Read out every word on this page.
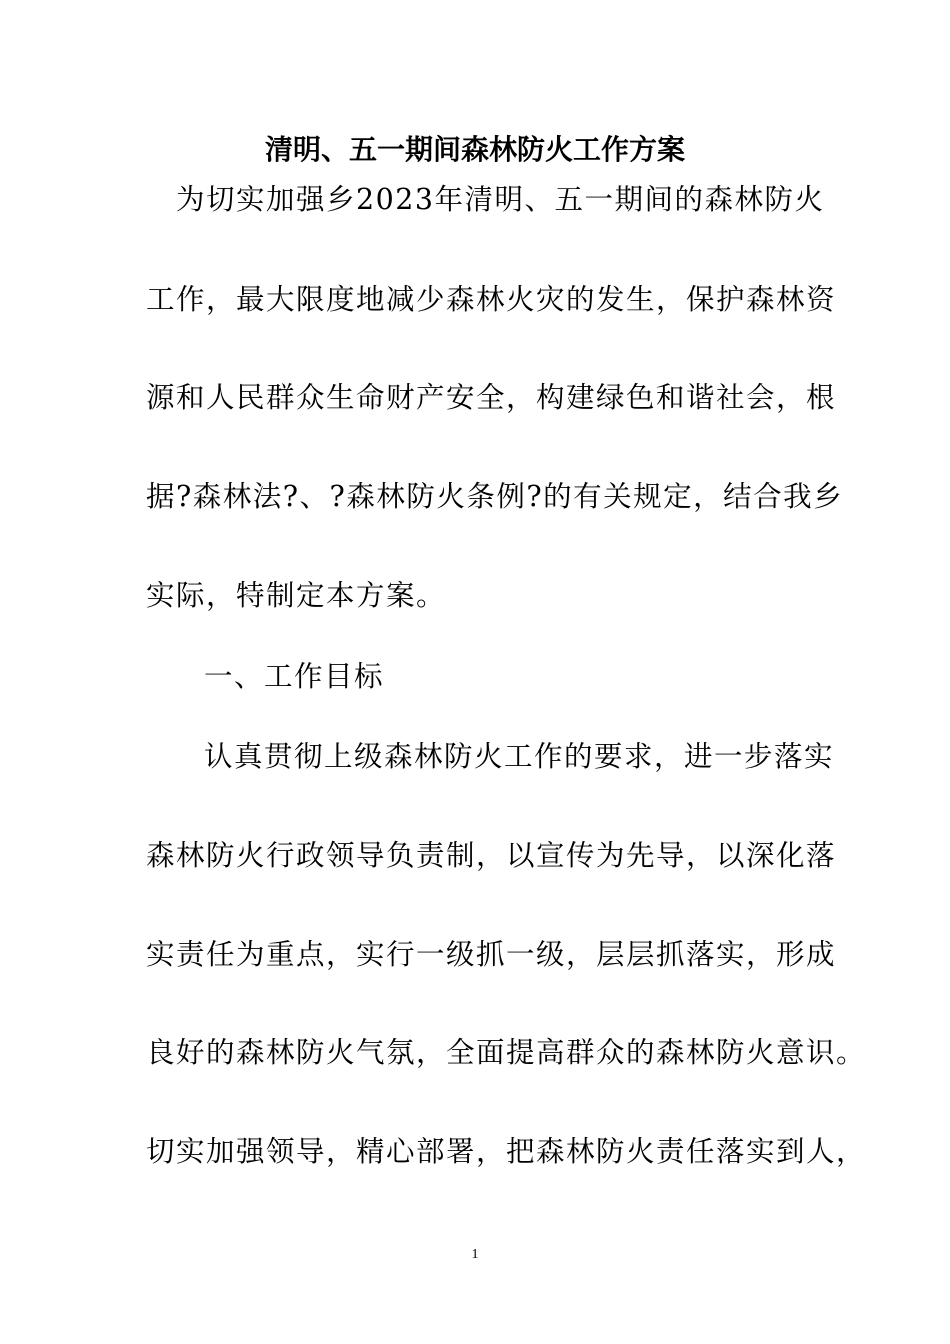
清明、五一期间森林防火工作方案
为切实加强乡2023年清明、五一期间的森林防火
工作，最大限度地减少森林火灾的发生，保护森林资
源和人民群众生命财产安全，构建绿色和谐社会，根
据?森林法?、?森林防火条例?的有关规定，结合我乡
实际，特制定本方案。
一、工作目标
认真贯彻上级森林防火工作的要求，进一步落实
森林防火行政领导负责制，以宣传为先导，以深化落
实责任为重点，实行一级抓一级，层层抓落实，形成
良好的森林防火气氛，全面提高群众的森林防火意识。
切实加强领导，精心部署，把森林防火责任落实到人，
1
